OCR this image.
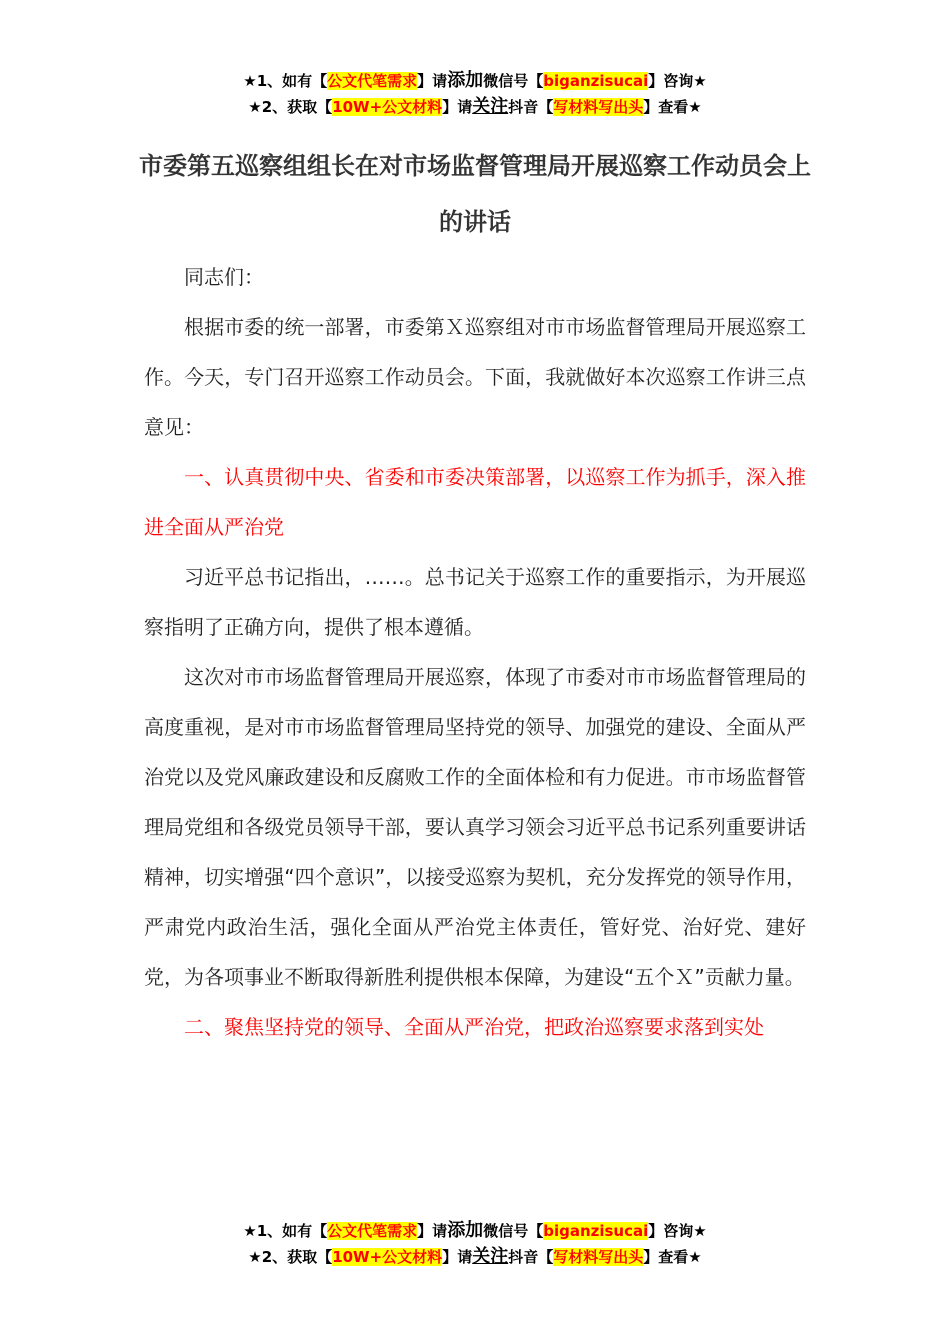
★1、如有【公文代笔需求】请添加微信号【biganzisucai】咨询★
★2、获取【10W+公文材料】请关注抖音【写材料写出头】查看★
市委第五巡察组组长在对市场监督管理局开展巡察工作动员会上的讲话

同志们：

根据市委的统一部署，市委第Ｘ巡察组对市市场监督管理局开展巡察工作。今天，专门召开巡察工作动员会。下面，我就做好本次巡察工作讲三点意见：

一、认真贯彻中央、省委和市委决策部署，以巡察工作为抓手，深入推进全面从严治党

习近平总书记指出，……。总书记关于巡察工作的重要指示，为开展巡察指明了正确方向，提供了根本遵循。

这次对市市场监督管理局开展巡察，体现了市委对市市场监督管理局的高度重视，是对市市场监督管理局坚持党的领导、加强党的建设、全面从严治党以及党风廉政建设和反腐败工作的全面体检和有力促进。市市场监督管理局党组和各级党员领导干部，要认真学习领会习近平总书记系列重要讲话精神，切实增强“四个意识”，以接受巡察为契机，充分发挥党的领导作用，严肃党内政治生活，强化全面从严治党主体责任，管好党、治好党、建好党，为各项事业不断取得新胜利提供根本保障，为建设“五个Ｘ”贡献力量。

二、聚焦坚持党的领导、全面从严治党，把政治巡察要求落到实处

★1、如有【公文代笔需求】请添加微信号【biganzisucai】咨询★
★2、获取【10W+公文材料】请关注抖音【写材料写出头】查看★
